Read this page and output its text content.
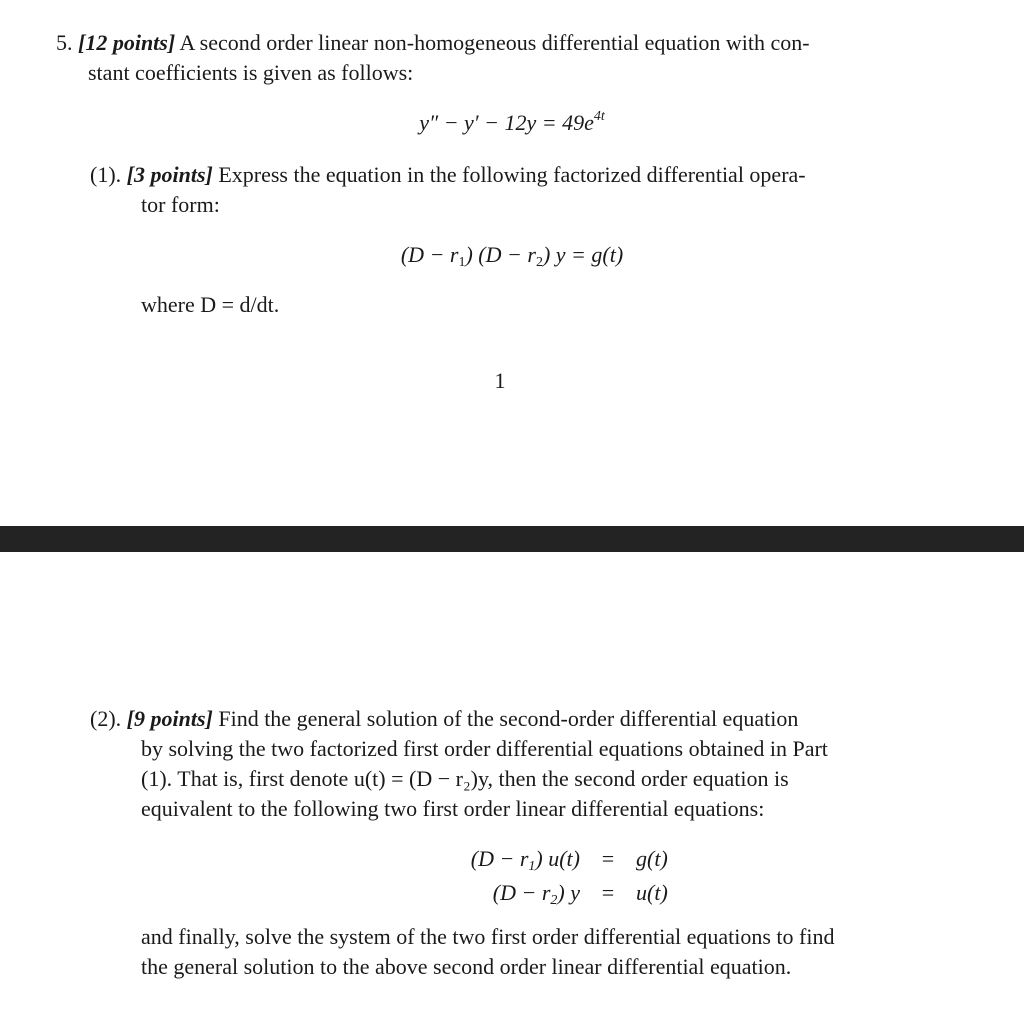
5. [12 points] A second order linear non-homogeneous differential equation with con-
stant coefficients is given as follows:
$y'' - y' - 12y = 49e^{4t}$
(1). [3 points] Express the equation in the following factorized differential opera-
tor form:
$(D - r_1)$ $(D - r_2)$ y = g(t)
where D = d/dt.
1
(2). [9 points] Find the general solution of the second-order differential equation
by solving the two factorized first order differential equations obtained in Part
(1). That is, first denote u(t) = (D − r₂)y, then the second order equation is
equivalent to the following two first order linear differential equations:
$(D - r_1)$ u(t)	=	g(t)
$(D - r_2)$ y	=	u(t)
and finally, solve the system of the two first order differential equations to find
the general solution to the above second order linear differential equation.
